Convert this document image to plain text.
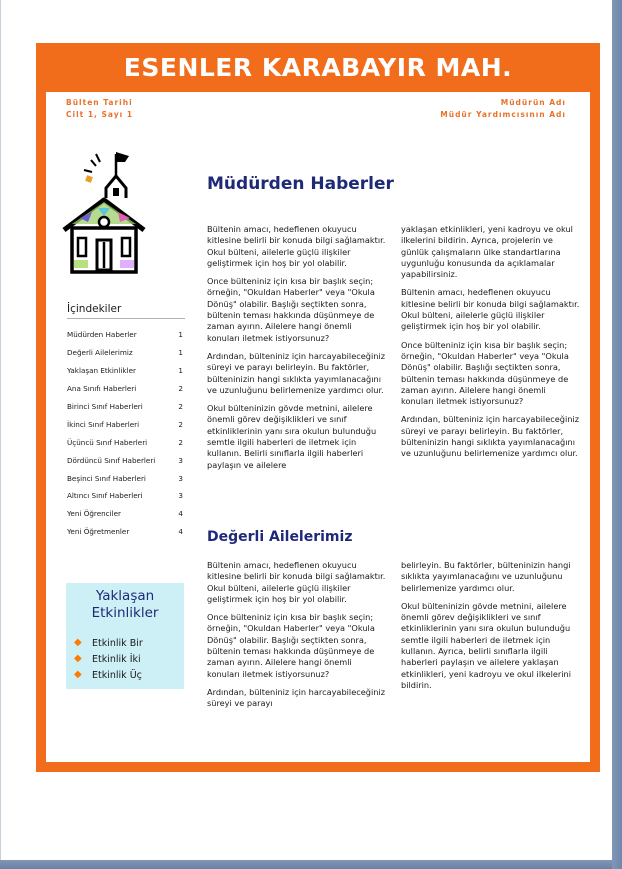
ESENLER KARABAYIR MAH.
Bülten Tarihi
Cilt 1, Sayı 1
Müdürün Adı
Müdür Yardımcısının Adı
İçindekiler
Müdürden Haberler	1
Değerli Ailelerimiz	1
Yaklaşan Etkinlikler	1
Ana Sınıfı Haberleri	2
Birinci Sınıf Haberleri	2
İkinci Sınıf Haberleri	2
Üçüncü Sınıf Haberleri	2
Dördüncü Sınıf Haberleri	3
Beşinci Sınıf Haberleri	3
Altıncı Sınıf Haberleri	3
Yeni Öğrenciler	4
Yeni Öğretmenler	4
Yaklaşan
Etkinlikler
◆ Etkinlik Bir
◆ Etkinlik İki
◆ Etkinlik Üç
Müdürden Haberler

Bültenin amacı, hedeflenen okuyucu kitlesine belirli bir konuda bilgi sağlamaktır. Okul bülteni, ailelerle güçlü ilişkiler geliştirmek için hoş bir yol olabilir.

Once bülteniniz için kısa bir başlık seçin; örneğin, "Okuldan Haberler" veya "Okula Dönüş" olabilir. Başlığı seçtikten sonra, bültenin teması hakkında düşünmeye de zaman ayırın. Ailelere hangi önemli konuları iletmek istiyorsunuz?

Ardından, bülteniniz için harcayabileceğiniz süreyi ve parayı belirleyin. Bu faktörler, bülteninizin hangi sıklıkta yayımlanacağını ve uzunluğunu belirlemenize yardımcı olur.

Okul bülteninizin gövde metnini, ailelere önemli görev değişiklikleri ve sınıf etkinliklerinin yanı sıra okulun bulunduğu semtle ilgili haberleri de iletmek için kullanın. Belirli sınıflarla ilgili haberleri paylaşın ve ailelere

yaklaşan etkinlikleri, yeni kadroyu ve okul ilkelerini bildirin. Ayrıca, projelerin ve günlük çalışmaların ülke standartlarına uygunluğu konusunda da açıklamalar yapabilirsiniz.

Bültenin amacı, hedeflenen okuyucu kitlesine belirli bir konuda bilgi sağlamaktır. Okul bülteni, ailelerle güçlü ilişkiler geliştirmek için hoş bir yol olabilir.

Once bülteniniz için kısa bir başlık seçin; örneğin, "Okuldan Haberler" veya "Okula Dönüş" olabilir. Başlığı seçtikten sonra, bültenin teması hakkında düşünmeye de zaman ayırın. Ailelere hangi önemli konuları iletmek istiyorsunuz?

Ardından, bülteniniz için harcayabileceğiniz süreyi ve parayı belirleyin. Bu faktörler, bülteninizin hangi sıklıkta yayımlanacağını ve uzunluğunu belirlemenize yardımcı olur.

Değerli Ailelerimiz

Bültenin amacı, hedeflenen okuyucu kitlesine belirli bir konuda bilgi sağlamaktır. Okul bülteni, ailelerle güçlü ilişkiler geliştirmek için hoş bir yol olabilir.

Once bülteniniz için kısa bir başlık seçin; örneğin, "Okuldan Haberler" veya "Okula Dönüş" olabilir. Başlığı seçtikten sonra, bültenin teması hakkında düşünmeye de zaman ayırın. Ailelere hangi önemli konuları iletmek istiyorsunuz?

Ardından, bülteniniz için harcayabileceğiniz süreyi ve parayı

belirleyin. Bu faktörler, bülteninizin hangi sıklıkta yayımlanacağını ve uzunluğunu belirlemenize yardımcı olur.

Okul bülteninizin gövde metnini, ailelere önemli görev değişiklikleri ve sınıf etkinliklerinin yanı sıra okulun bulunduğu semtle ilgili haberleri de iletmek için kullanın. Ayrıca, belirli sınıflarla ilgili haberleri paylaşın ve ailelere yaklaşan etkinlikleri, yeni kadroyu ve okul ilkelerini bildirin.
